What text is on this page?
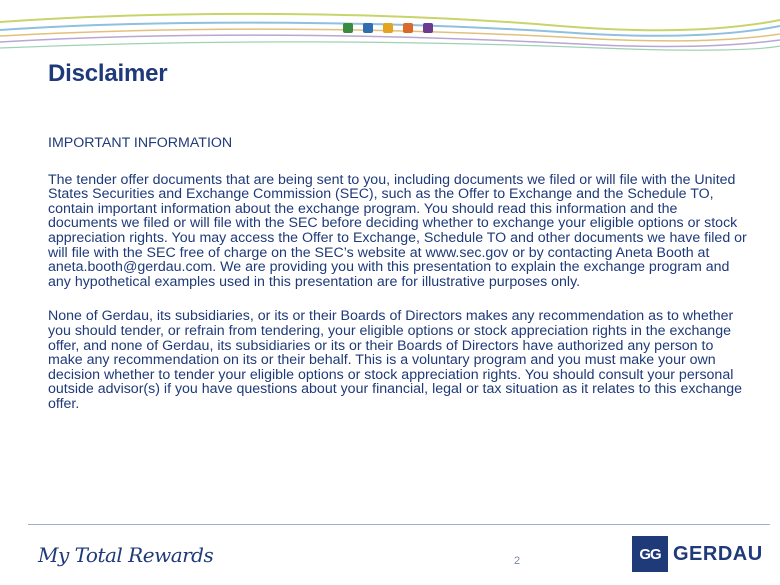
Disclaimer

IMPORTANT INFORMATION

The tender offer documents that are being sent to you, including documents we filed or will file with the United States Securities and Exchange Commission (SEC), such as the Offer to Exchange and the Schedule TO, contain important information about the exchange program. You should read this information and the documents we filed or will file with the SEC before deciding whether to exchange your eligible options or stock appreciation rights. You may access the Offer to Exchange, Schedule TO and other documents we have filed or will file with the SEC free of charge on the SEC’s website at www.sec.gov or by contacting Aneta Booth at aneta.booth@gerdau.com. We are providing you with this presentation to explain the exchange program and any hypothetical examples used in this presentation are for illustrative purposes only.

None of Gerdau, its subsidiaries, or its or their Boards of Directors makes any recommendation as to whether you should tender, or refrain from tendering, your eligible options or stock appreciation rights in the exchange offer, and none of Gerdau, its subsidiaries or its or their Boards of Directors have authorized any person to make any recommendation on its or their behalf. This is a voluntary program and you must make your own decision whether to tender your eligible options or stock appreciation rights. You should consult your personal outside advisor(s) if you have questions about your financial, legal or tax situation as it relates to this exchange offer.

My Total Rewards	2	GG GERDAU
